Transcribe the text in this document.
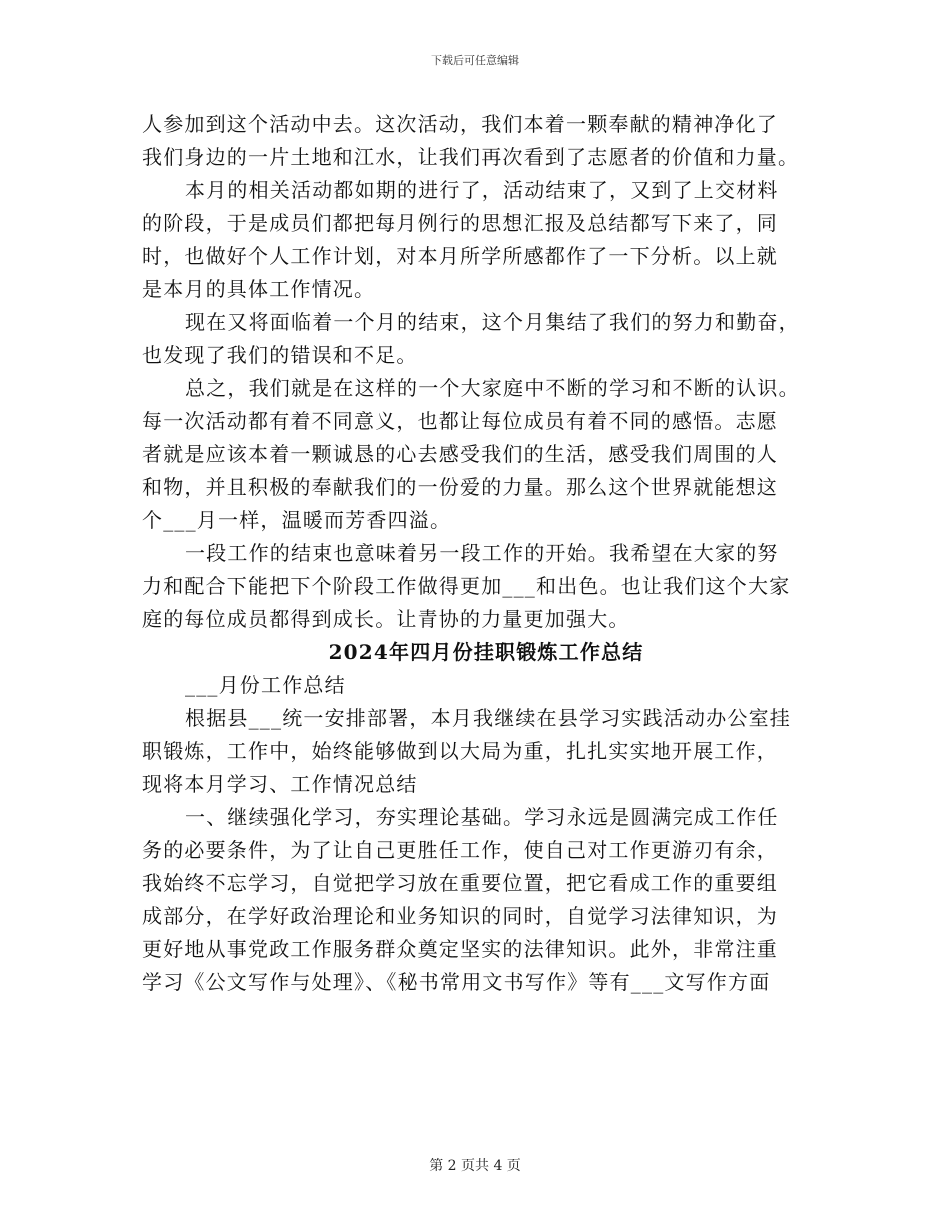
下载后可任意编辑
人参加到这个活动中去。这次活动，我们本着一颗奉献的精神净化了
我们身边的一片土地和江水，让我们再次看到了志愿者的价值和力量。
本月的相关活动都如期的进行了，活动结束了，又到了上交材料
的阶段，于是成员们都把每月例行的思想汇报及总结都写下来了，同
时，也做好个人工作计划，对本月所学所感都作了一下分析。以上就
是本月的具体工作情况。
现在又将面临着一个月的结束，这个月集结了我们的努力和勤奋，
也发现了我们的错误和不足。
总之，我们就是在这样的一个大家庭中不断的学习和不断的认识。
每一次活动都有着不同意义，也都让每位成员有着不同的感悟。志愿
者就是应该本着一颗诚恳的心去感受我们的生活，感受我们周围的人
和物，并且积极的奉献我们的一份爱的力量。那么这个世界就能想这
个___月一样，温暖而芳香四溢。
一段工作的结束也意味着另一段工作的开始。我希望在大家的努
力和配合下能把下个阶段工作做得更加___和出色。也让我们这个大家
庭的每位成员都得到成长。让青协的力量更加强大。
2024年四月份挂职锻炼工作总结
___月份工作总结
根据县___统一安排部署，本月我继续在县学习实践活动办公室挂
职锻炼，工作中，始终能够做到以大局为重，扎扎实实地开展工作，
现将本月学习、工作情况总结
一、继续强化学习，夯实理论基础。学习永远是圆满完成工作任
务的必要条件，为了让自己更胜任工作，使自己对工作更游刃有余，
我始终不忘学习，自觉把学习放在重要位置，把它看成工作的重要组
成部分，在学好政治理论和业务知识的同时，自觉学习法律知识，为
更好地从事党政工作服务群众奠定坚实的法律知识。此外，非常注重
学习《公文写作与处理》、《秘书常用文书写作》等有___文写作方面
第 2 页共 4 页
